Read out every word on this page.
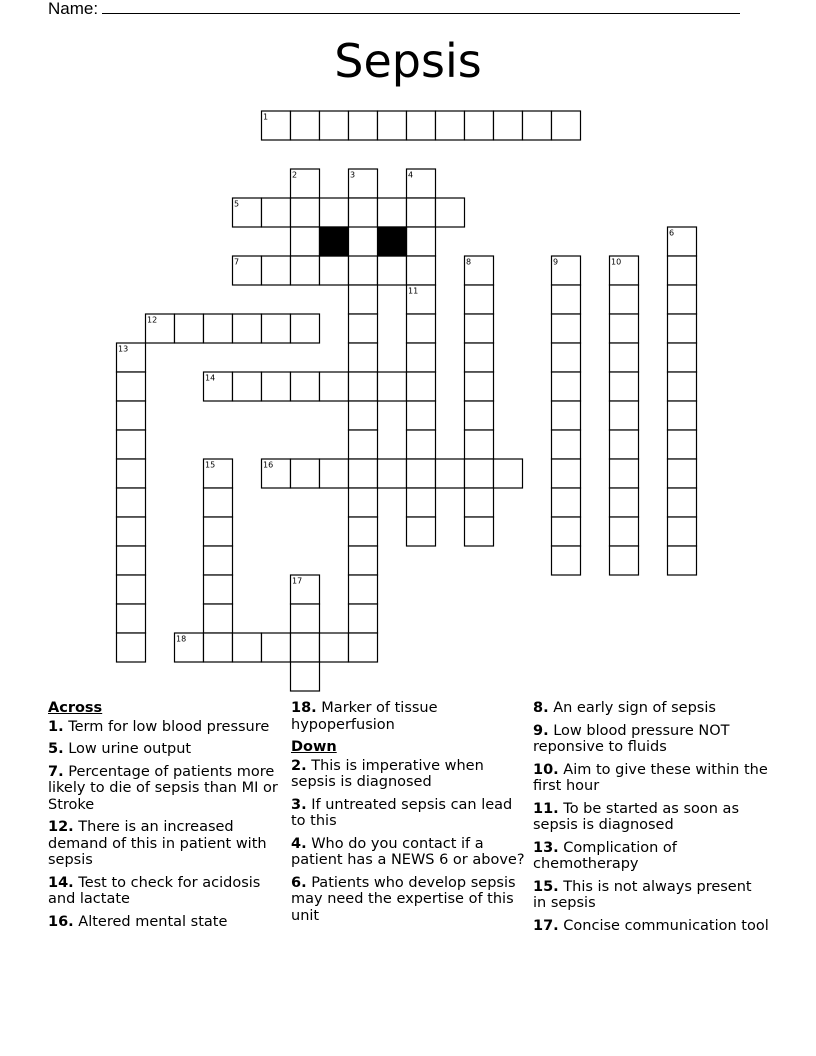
Name:
Sepsis
1
2	3	4
5
6
7	8	9	10
11
12
13
14
15	16
17
18
Across
1. Term for low blood pressure
5. Low urine output
7. Percentage of patients more likely to die of sepsis than MI or Stroke
12. There is an increased demand of this in patient with sepsis
14. Test to check for acidosis and lactate
16. Altered mental state
18. Marker of tissue hypoperfusion
Down
2. This is imperative when sepsis is diagnosed
3. If untreated sepsis can lead to this
4. Who do you contact if a patient has a NEWS 6 or above?
6. Patients who develop sepsis may need the expertise of this unit
8. An early sign of sepsis
9. Low blood pressure NOT reponsive to fluids
10. Aim to give these within the first hour
11. To be started as soon as sepsis is diagnosed
13. Complication of chemotherapy
15. This is not always present in sepsis
17. Concise communication tool
